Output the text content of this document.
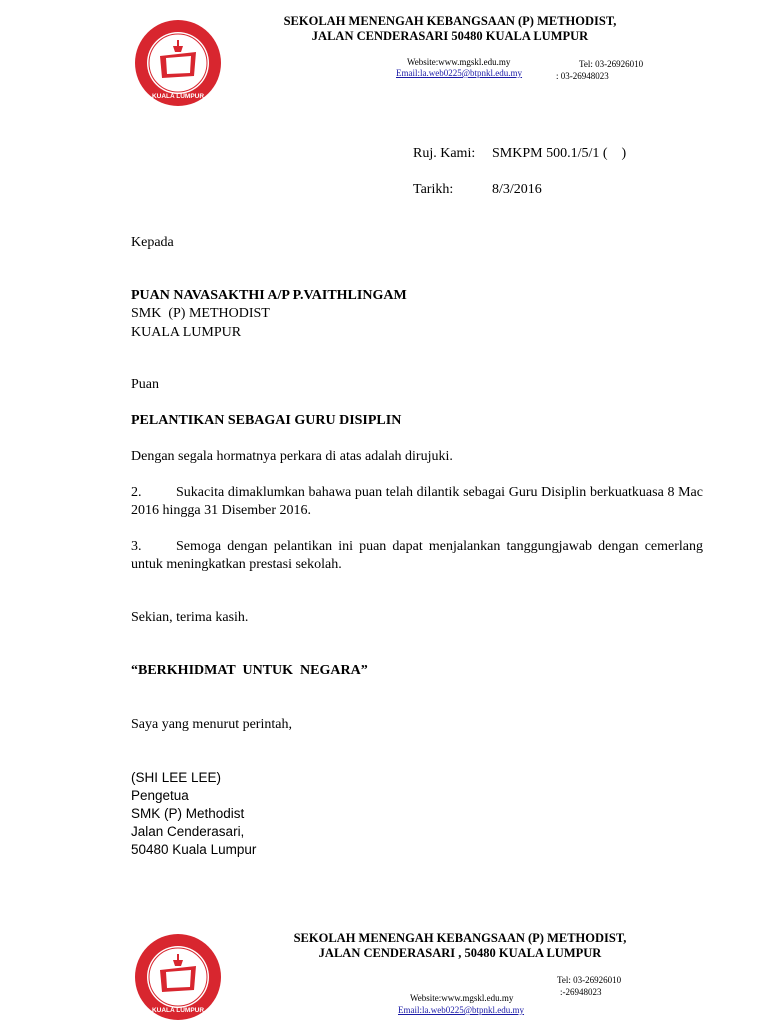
KUALA LUMPUR
SEKOLAH MENENGAH KEBANGSAAN (P) METHODIST,
JALAN CENDERASARI 50480 KUALA LUMPUR
Website:www.mgskl.edu.my
Email:la.web0225@btpnkl.edu.my
Tel: 03-26926010
: 03-26948023
Ruj. Kami: SMKPM 500.1/5/1 (    )
Tarikh:	8/3/2016
Kepada
PUAN NAVASAKTHI A/P P.VAITHLINGAM
SMK  (P) METHODIST
KUALA LUMPUR
Puan
PELANTIKAN SEBAGAI GURU DISIPLIN
Dengan segala hormatnya perkara di atas adalah dirujuki.
2. Sukacita dimaklumkan bahawa puan telah dilantik sebagai Guru Disiplin berkuatkuasa 8 Mac 2016 hingga 31 Disember 2016.
3. Semoga dengan pelantikan ini puan dapat menjalankan tanggungjawab dengan cemerlang untuk meningkatkan prestasi sekolah.
Sekian, terima kasih.
“BERKHIDMAT  UNTUK  NEGARA”
Saya yang menurut perintah,
(SHI LEE LEE)
Pengetua
SMK (P) Methodist
Jalan Cenderasari,
50480 Kuala Lumpur
KUALA LUMPUR
SEKOLAH MENENGAH KEBANGSAAN (P) METHODIST,
JALAN CENDERASARI , 50480 KUALA LUMPUR
Tel: 03-26926010
:-26948023
Website:www.mgskl.edu.my
Email:la.web0225@btpnkl.edu.my
